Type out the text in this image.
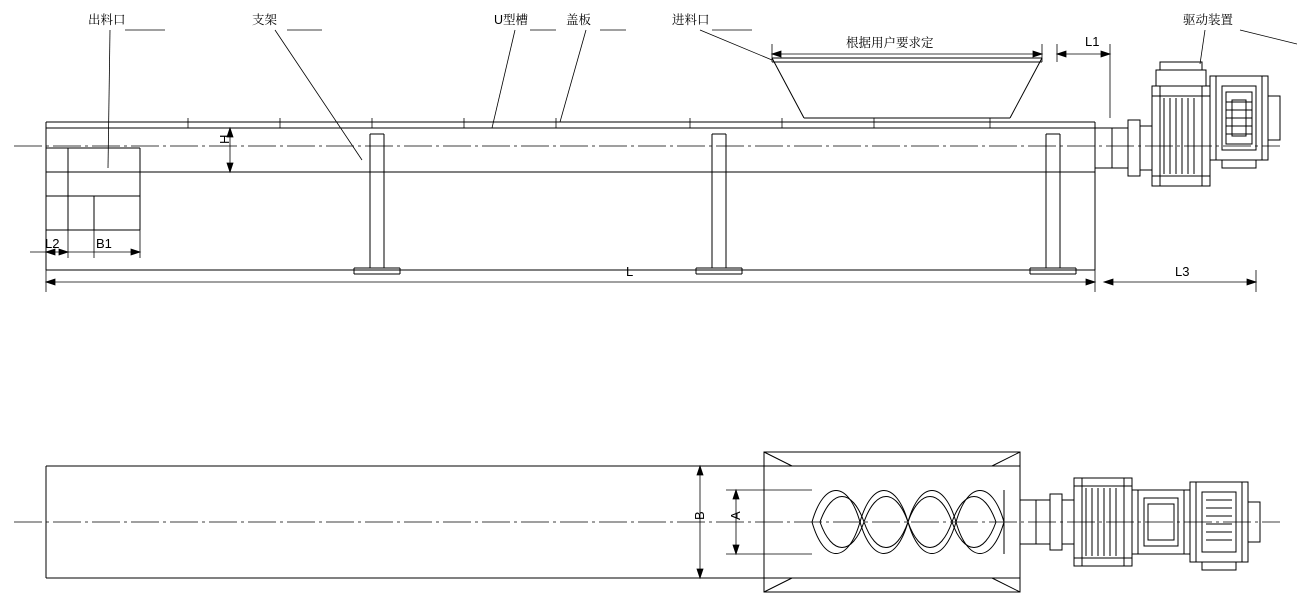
出料口	支架	U型槽	盖板	进料口	驱动装置
根据用户要求定	L1
H
L2	B1
L	L3
B A
